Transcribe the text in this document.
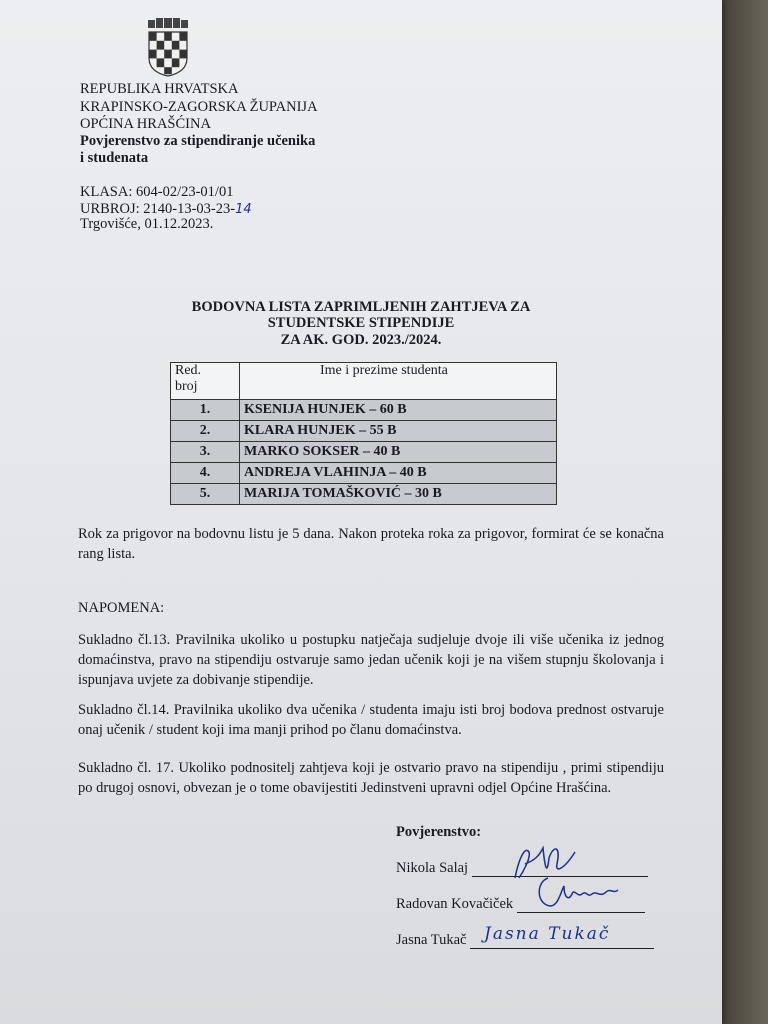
REPUBLIKA HRVATSKA
KRAPINSKO-ZAGORSKA ŽUPANIJA
OPĆINA HRAŠĆINA
Povjerenstvo za stipendiranje učenika
i studenata
KLASA: 604-02/23-01/01
URBROJ: 2140-13-03-23-14
Trgovišće, 01.12.2023.
BODOVNA LISTA ZAPRIMLJENIH ZAHTJEVA ZA
STUDENTSKE STIPENDIJE
ZA AK. GOD. 2023./2024.
Red.
broj	Ime i prezime studenta
1.	KSENIJA HUNJEK – 60 B
2.	KLARA HUNJEK – 55 B
3.	MARKO SOKSER – 40 B
4.	ANDREJA VLAHINJA – 40 B
5.	MARIJA TOMAŠKOVIĆ – 30 B
Rok za prigovor na bodovnu listu je 5 dana. Nakon proteka roka za prigovor, formirat će se konačna rang lista.
NAPOMENA:
Sukladno čl.13. Pravilnika ukoliko u postupku natječaja sudjeluje dvoje ili više učenika iz jednog domaćinstva, pravo na stipendiju ostvaruje samo jedan učenik koji je na višem stupnju školovanja i ispunjava uvjete za dobivanje stipendije.
Sukladno čl.14. Pravilnika ukoliko dva učenika / studenta imaju isti broj bodova prednost ostvaruje onaj učenik / student koji ima manji prihod po članu domaćinstva.
Sukladno čl. 17. Ukoliko podnositelj zahtjeva koji je ostvario pravo na stipendiju , primi stipendiju po drugoj osnovi, obvezan je o tome obavijestiti Jedinstveni upravni odjel Općine Hrašćina.
Povjerenstvo:
Nikola Salaj
Radovan Kovačiček
Jasna Tukač	Jasna Tukač
